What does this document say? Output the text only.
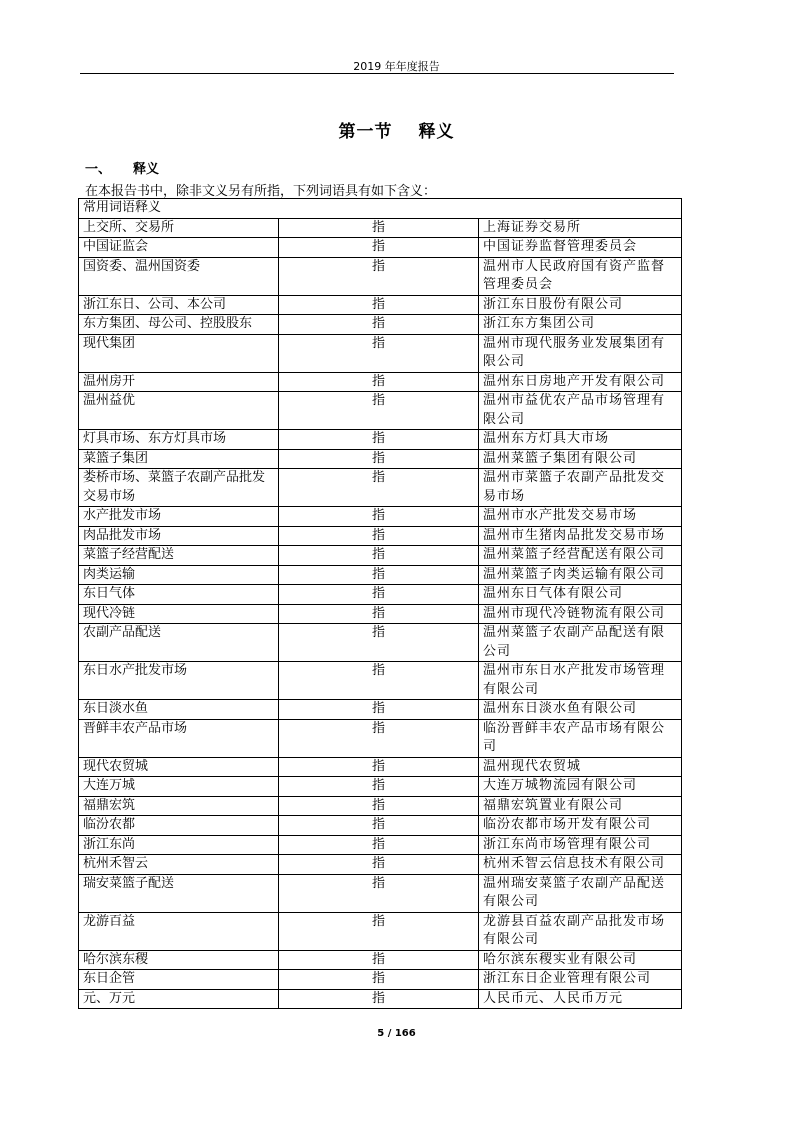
2019 年年度报告
第一节 释义
一、 释义
在本报告书中，除非文义另有所指，下列词语具有如下含义：
常用词语释义		
上交所、交易所	指	上海证券交易所
中国证监会	指	中国证券监督管理委员会
国资委、温州国资委	指	温州市人民政府国有资产监督管理委员会
浙江东日、公司、本公司	指	浙江东日股份有限公司
东方集团、母公司、控股股东	指	浙江东方集团公司
现代集团	指	温州市现代服务业发展集团有限公司
温州房开	指	温州东日房地产开发有限公司
温州益优	指	温州市益优农产品市场管理有限公司
灯具市场、东方灯具市场	指	温州东方灯具大市场
菜篮子集团	指	温州菜篮子集团有限公司
娄桥市场、菜篮子农副产品批发交易市场	指	温州市菜篮子农副产品批发交易市场
水产批发市场	指	温州市水产批发交易市场
肉品批发市场	指	温州市生猪肉品批发交易市场
菜篮子经营配送	指	温州菜篮子经营配送有限公司
肉类运输	指	温州菜篮子肉类运输有限公司
东日气体	指	温州东日气体有限公司
现代冷链	指	温州市现代冷链物流有限公司
农副产品配送	指	温州菜篮子农副产品配送有限公司
东日水产批发市场	指	温州市东日水产批发市场管理有限公司
东日淡水鱼	指	温州东日淡水鱼有限公司
晋鲜丰农产品市场	指	临汾晋鲜丰农产品市场有限公司
现代农贸城	指	温州现代农贸城
大连万城	指	大连万城物流园有限公司
福鼎宏筑	指	福鼎宏筑置业有限公司
临汾农都	指	临汾农都市场开发有限公司
浙江东尚	指	浙江东尚市场管理有限公司
杭州禾智云	指	杭州禾智云信息技术有限公司
瑞安菜篮子配送	指	温州瑞安菜篮子农副产品配送有限公司
龙游百益	指	龙游县百益农副产品批发市场有限公司
哈尔滨东稷	指	哈尔滨东稷实业有限公司
东日企管	指	浙江东日企业管理有限公司
元、万元	指	人民币元、人民币万元
5 / 166
